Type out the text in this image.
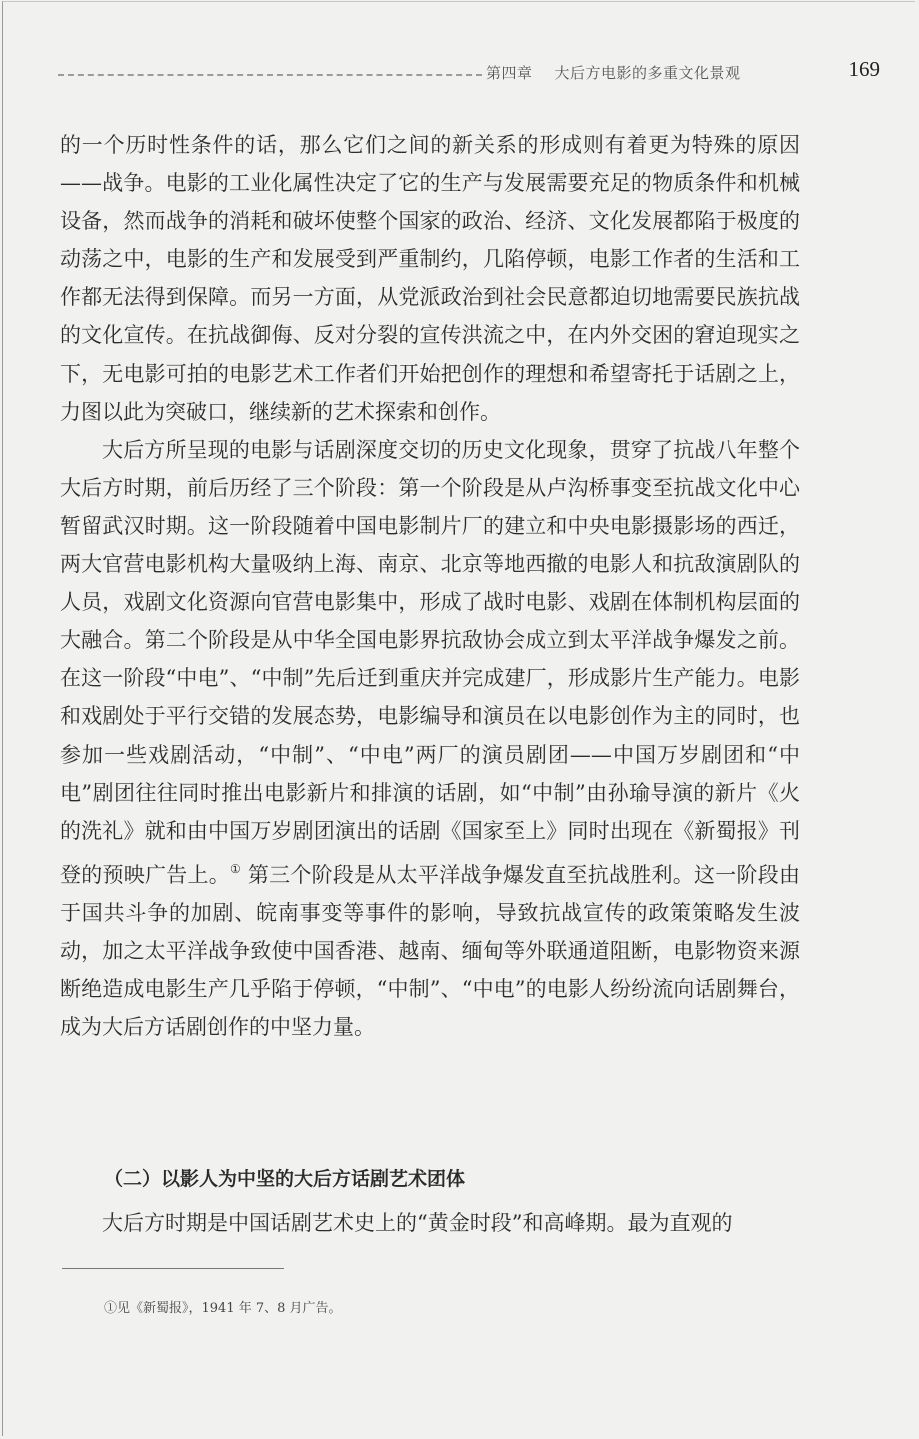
第四章 大后方电影的多重文化景观	169

的一个历时性条件的话，那么它们之间的新关系的形成则有着更为特殊的原因——战争。电影的工业化属性决定了它的生产与发展需要充足的物质条件和机械设备，然而战争的消耗和破坏使整个国家的政治、经济、文化发展都陷于极度的动荡之中，电影的生产和发展受到严重制约，几陷停顿，电影工作者的生活和工作都无法得到保障。而另一方面，从党派政治到社会民意都迫切地需要民族抗战的文化宣传。在抗战御侮、反对分裂的宣传洪流之中，在内外交困的窘迫现实之下，无电影可拍的电影艺术工作者们开始把创作的理想和希望寄托于话剧之上，力图以此为突破口，继续新的艺术探索和创作。

大后方所呈现的电影与话剧深度交切的历史文化现象，贯穿了抗战八年整个大后方时期，前后历经了三个阶段：第一个阶段是从卢沟桥事变至抗战文化中心暂留武汉时期。这一阶段随着中国电影制片厂的建立和中央电影摄影场的西迁，两大官营电影机构大量吸纳上海、南京、北京等地西撤的电影人和抗敌演剧队的人员，戏剧文化资源向官营电影集中，形成了战时电影、戏剧在体制机构层面的大融合。第二个阶段是从中华全国电影界抗敌协会成立到太平洋战争爆发之前。在这一阶段“中电”、“中制”先后迁到重庆并完成建厂，形成影片生产能力。电影和戏剧处于平行交错的发展态势，电影编导和演员在以电影创作为主的同时，也参加一些戏剧活动，“中制”、“中电”两厂的演员剧团——中国万岁剧团和“中电”剧团往往同时推出电影新片和排演的话剧，如“中制”由孙瑜导演的新片《火的洗礼》就和由中国万岁剧团演出的话剧《国家至上》同时出现在《新蜀报》刊登的预映广告上。① 第三个阶段是从太平洋战争爆发直至抗战胜利。这一阶段由于国共斗争的加剧、皖南事变等事件的影响，导致抗战宣传的政策策略发生波动，加之太平洋战争致使中国香港、越南、缅甸等外联通道阻断，电影物资来源断绝造成电影生产几乎陷于停顿，“中制”、“中电”的电影人纷纷流向话剧舞台，成为大后方话剧创作的中坚力量。

（二）以影人为中坚的大后方话剧艺术团体

大后方时期是中国话剧艺术史上的“黄金时段”和高峰期。最为直观的

①见《新蜀报》，1941 年 7、8 月广告。
